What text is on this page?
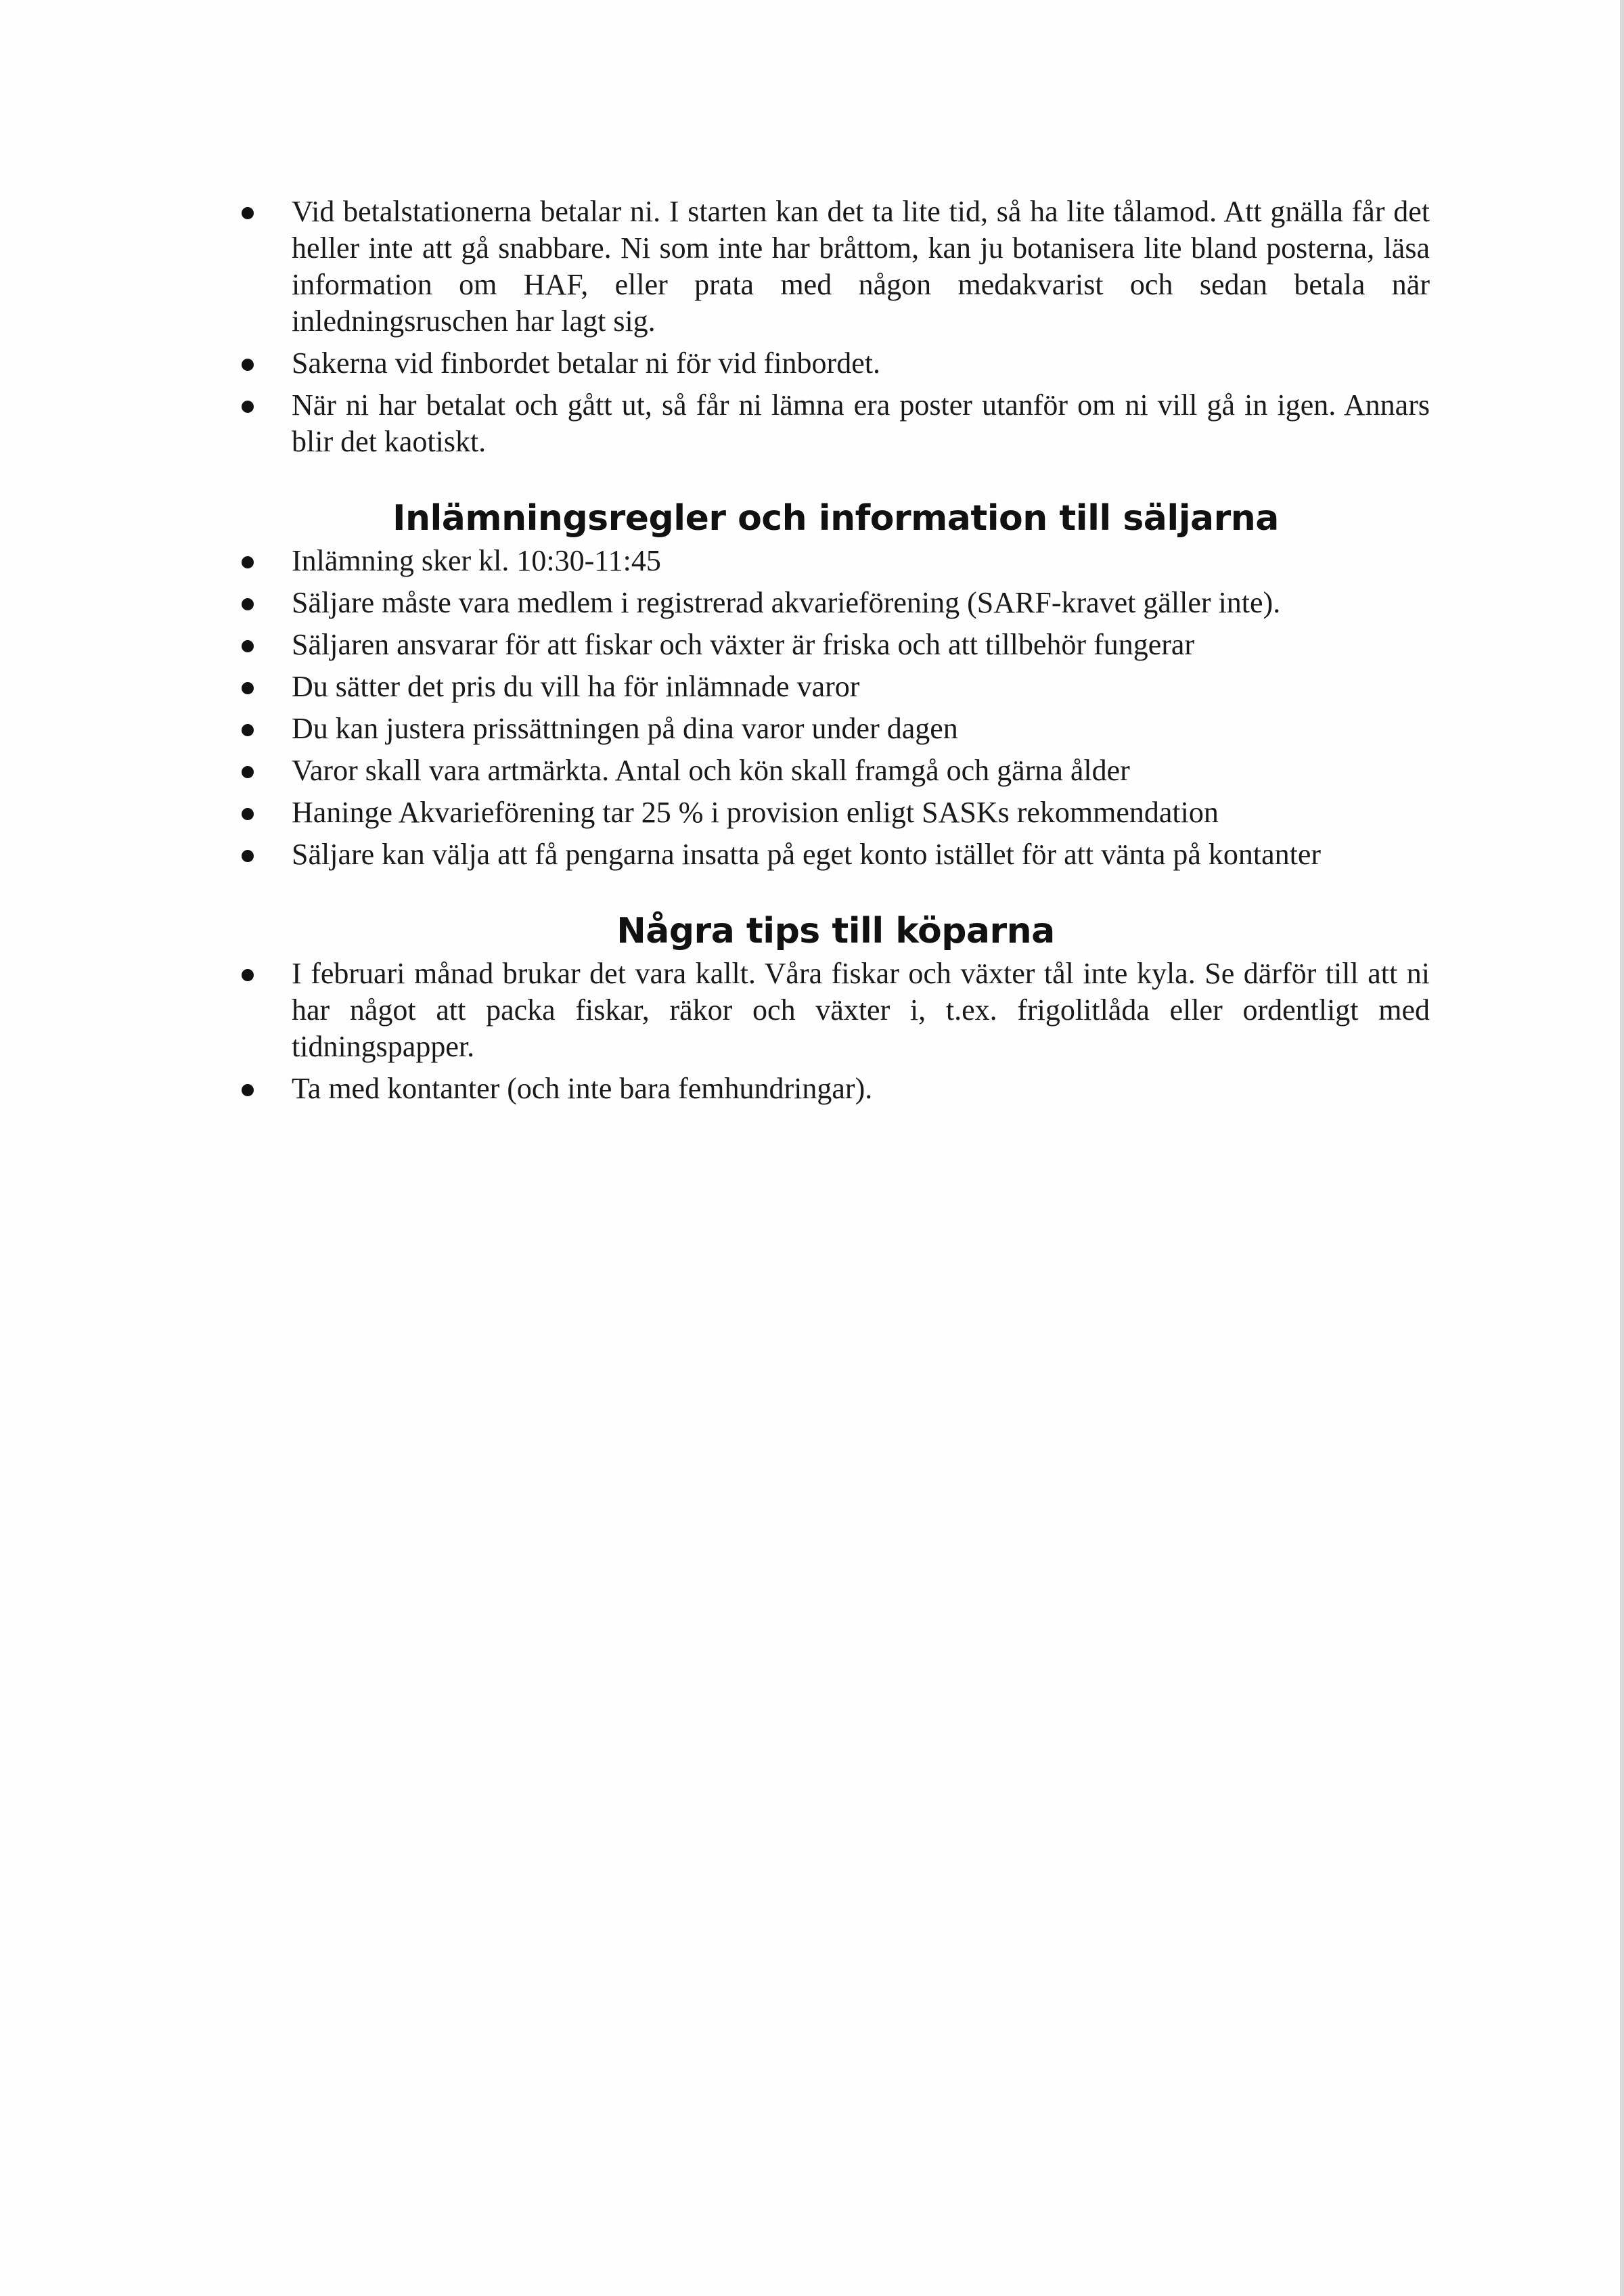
Vid betalstationerna betalar ni. I starten kan det ta lite tid, så ha lite tålamod. Att gnälla får det heller inte att gå snabbare. Ni som inte har bråttom, kan ju botanisera lite bland posterna, läsa information om HAF, eller prata med någon medakvarist och sedan betala när inledningsruschen har lagt sig.
Sakerna vid finbordet betalar ni för vid finbordet.
När ni har betalat och gått ut, så får ni lämna era poster utanför om ni vill gå in igen. Annars blir det kaotiskt.
Inlämningsregler och information till säljarna
Inlämning sker kl. 10:30-11:45
Säljare måste vara medlem i registrerad akvarieförening (SARF-kravet gäller inte).
Säljaren ansvarar för att fiskar och växter är friska och att tillbehör fungerar
Du sätter det pris du vill ha för inlämnade varor
Du kan justera prissättningen på dina varor under dagen
Varor skall vara artmärkta. Antal och kön skall framgå och gärna ålder
Haninge Akvarieförening tar 25 % i provision enligt SASKs rekommendation
Säljare kan välja att få pengarna insatta på eget konto istället för att vänta på kontanter
Några tips till köparna
I februari månad brukar det vara kallt. Våra fiskar och växter tål inte kyla. Se därför till att ni har något att packa fiskar, räkor och växter i, t.ex. frigolitlåda eller ordentligt med tidningspapper.
Ta med kontanter (och inte bara femhundringar).
